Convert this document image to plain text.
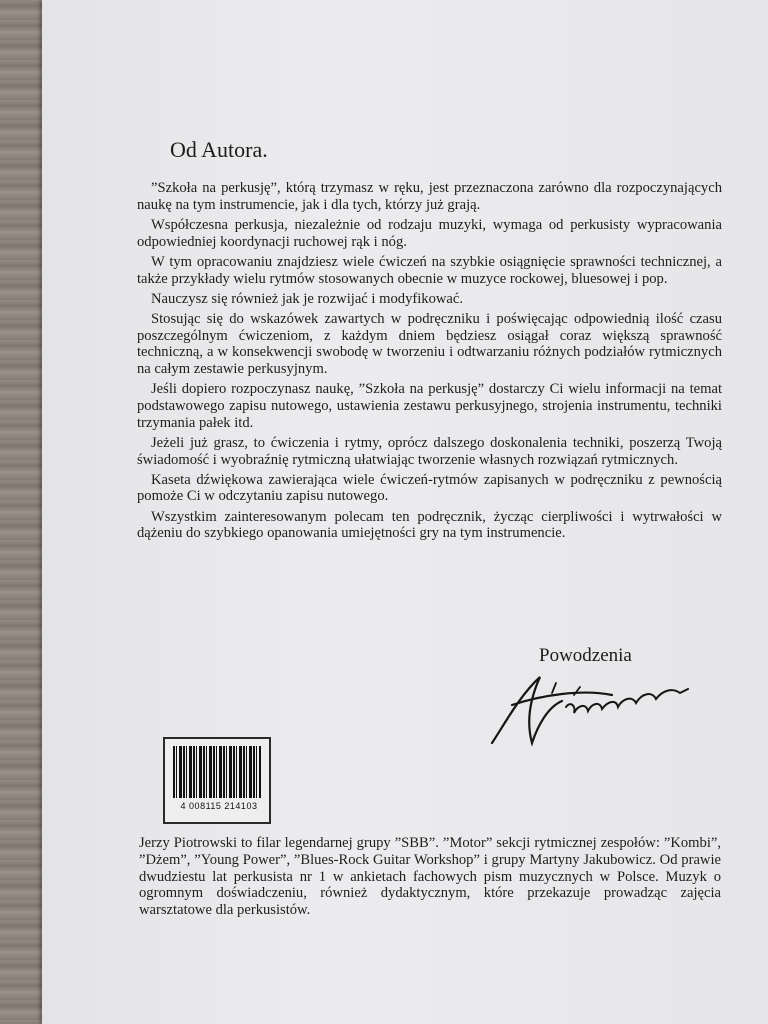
Od Autora.

”Szkoła na perkusję”, którą trzymasz w ręku, jest przeznaczona zarówno dla rozpoczynających naukę na tym instrumencie, jak i dla tych, którzy już grają.

Współczesna perkusja, niezależnie od rodzaju muzyki, wymaga od perkusisty wypracowania odpowiedniej koordynacji ruchowej rąk i nóg.

W tym opracowaniu znajdziesz wiele ćwiczeń na szybkie osiągnięcie sprawności technicznej, a także przykłady wielu rytmów stosowanych obecnie w muzyce rockowej, bluesowej i pop.

Nauczysz się również jak je rozwijać i modyfikować.

Stosując się do wskazówek zawartych w podręczniku i poświęcając odpowiednią ilość czasu poszczególnym ćwiczeniom, z każdym dniem będziesz osiągał coraz większą sprawność techniczną, a w konsekwencji swobodę w tworzeniu i odtwarzaniu różnych podziałów rytmicznych na całym zestawie perkusyjnym.

Jeśli dopiero rozpoczynasz naukę, ”Szkoła na perkusję” dostarczy Ci wielu informacji na temat podstawowego zapisu nutowego, ustawienia zestawu perkusyjnego, strojenia instrumentu, techniki trzymania pałek itd.

Jeżeli już grasz, to ćwiczenia i rytmy, oprócz dalszego doskonalenia techniki, poszerzą Twoją świadomość i wyobraźnię rytmiczną ułatwiając tworzenie własnych rozwiązań rytmicznych.

Kaseta dźwiękowa zawierająca wiele ćwiczeń-rytmów zapisanych w podręczniku z pewnością pomoże Ci w odczytaniu zapisu nutowego.

Wszystkim zainteresowanym polecam ten podręcznik, życząc cierpliwości i wytrwałości w dążeniu do szybkiego opanowania umiejętności gry na tym instrumencie.

Powodzenia

4 008115 214103

Jerzy Piotrowski to filar legendarnej grupy ”SBB”. ”Motor” sekcji rytmicznej zespołów: ”Kombi”, ”Dżem”, ”Young Power”, ”Blues-Rock Guitar Workshop” i grupy Martyny Jakubowicz. Od prawie dwudziestu lat perkusista nr 1 w ankietach fachowych pism muzycznych w Polsce. Muzyk o ogromnym doświadczeniu, również dydaktycznym, które przekazuje prowadząc zajęcia warsztatowe dla perkusistów.
